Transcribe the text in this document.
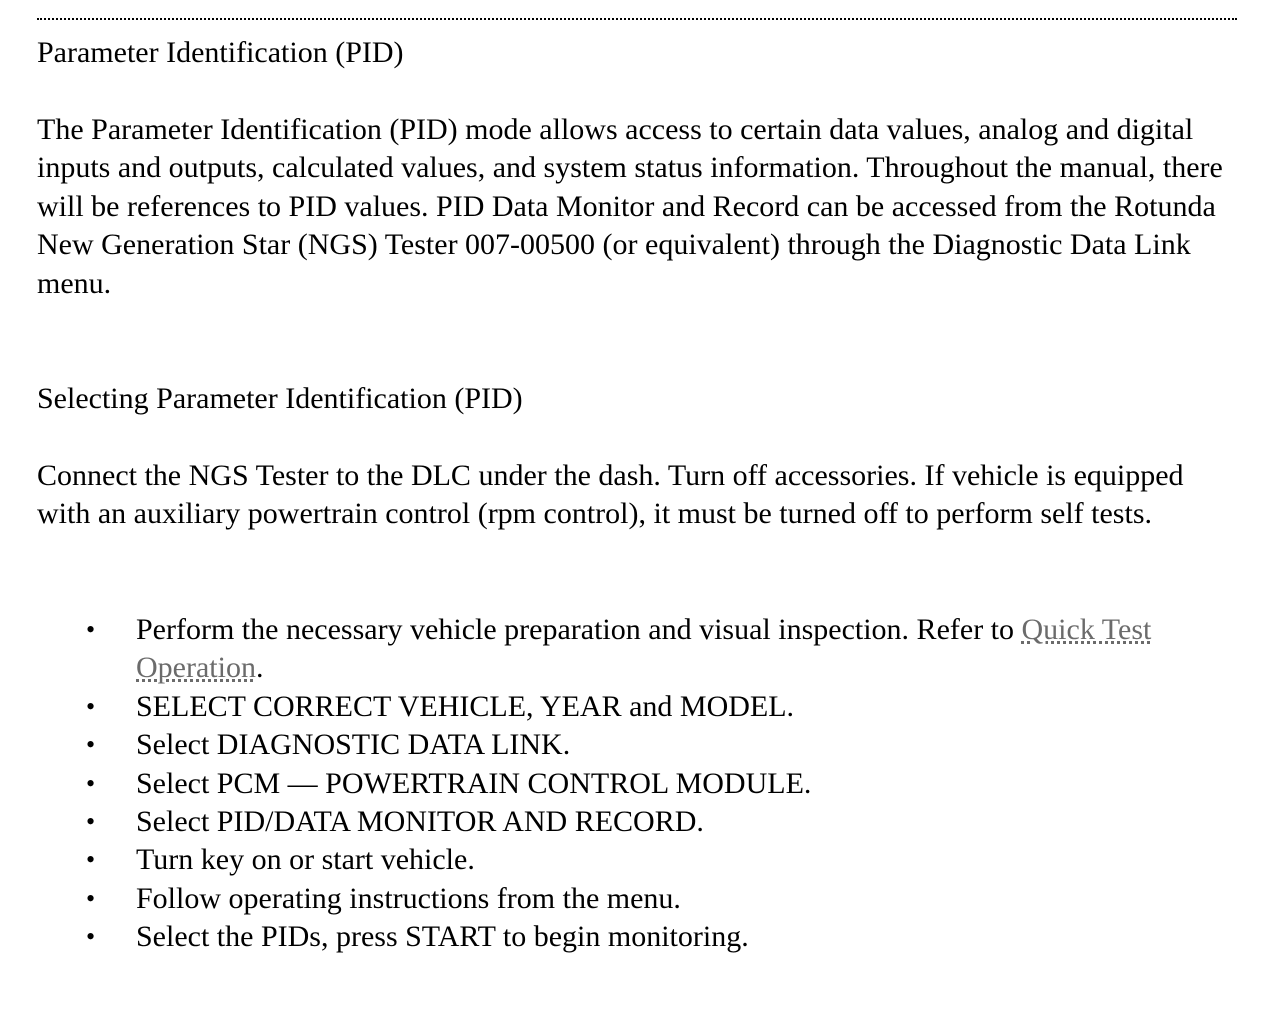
Parameter Identification (PID)

The Parameter Identification (PID) mode allows access to certain data values, analog and digital inputs and outputs, calculated values, and system status information. Throughout the manual, there will be references to PID values. PID Data Monitor and Record can be accessed from the Rotunda New Generation Star (NGS) Tester 007-00500 (or equivalent) through the Diagnostic Data Link menu.

Selecting Parameter Identification (PID)

Connect the NGS Tester to the DLC under the dash. Turn off accessories. If vehicle is equipped with an auxiliary powertrain control (rpm control), it must be turned off to perform self tests.

• Perform the necessary vehicle preparation and visual inspection. Refer to Quick Test Operation.
• SELECT CORRECT VEHICLE, YEAR and MODEL.
• Select DIAGNOSTIC DATA LINK.
• Select PCM — POWERTRAIN CONTROL MODULE.
• Select PID/DATA MONITOR AND RECORD.
• Turn key on or start vehicle.
• Follow operating instructions from the menu.
• Select the PIDs, press START to begin monitoring.
